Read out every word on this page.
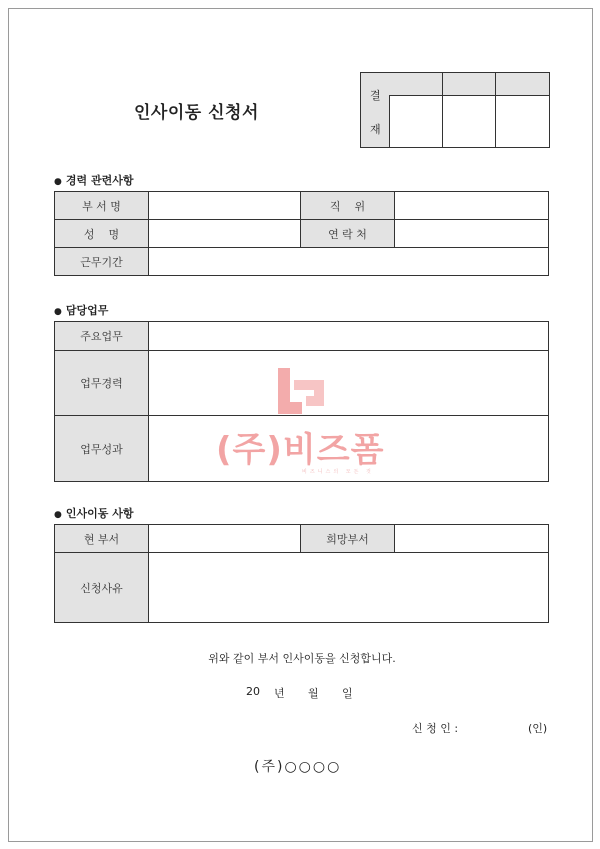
인사이동 신청서
결
재
● 경력 관련사항
부 서 명		직    위	
성    명		연 락 처	
근무기간			
● 담당업무
주요업무	
업무경력	
업무성과	
● 인사이동 사항
현 부서		희망부서	
신청사유			
위와 같이 부서 인사이동을 신청합니다.
20 년 월 일
신 청 인 :	(인)
(주)○○○○
(주)비즈폼
비즈니스의 모든 것
